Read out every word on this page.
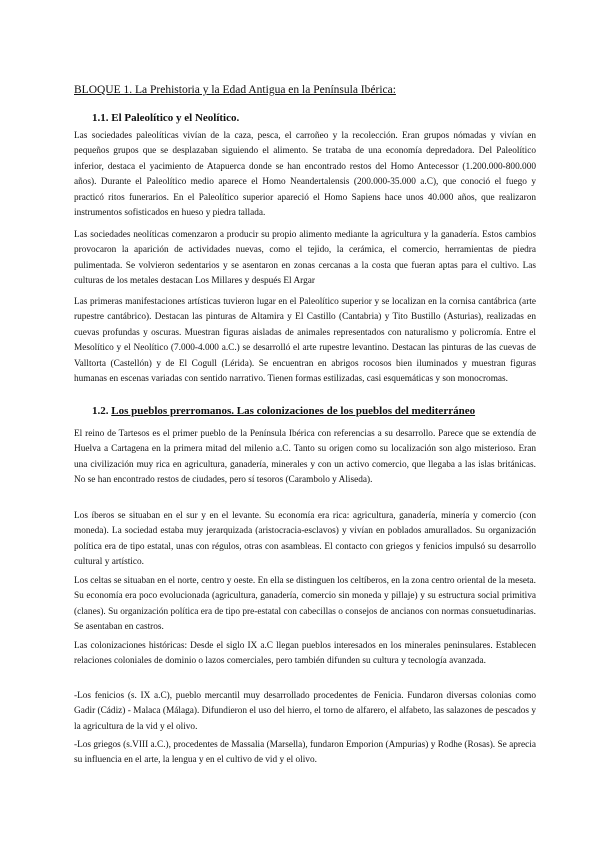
BLOQUE 1. La Prehistoria y la Edad Antigua en la Península Ibérica:
1.1. El Paleolítico y el Neolítico.

Las sociedades paleolíticas vivían de la caza, pesca, el carroñeo y la recolección. Eran grupos nómadas y vivían en pequeños grupos que se desplazaban siguiendo el alimento. Se trataba de una economía depredadora. Del Paleolítico inferior, destaca el yacimiento de Atapuerca donde se han encontrado restos del Homo Antecessor (1.200.000-800.000 años). Durante el Paleolítico medio aparece el Homo Neandertalensis (200.000-35.000 a.C), que conoció el fuego y practicó ritos funerarios. En el Paleolítico superior apareció el Homo Sapiens hace unos 40.000 años, que realizaron instrumentos sofisticados en hueso y piedra tallada.

Las sociedades neolíticas comenzaron a producir su propio alimento mediante la agricultura y la ganadería. Estos cambios provocaron la aparición de actividades nuevas, como el tejido, la cerámica, el comercio, herramientas de piedra pulimentada. Se volvieron sedentarios y se asentaron en zonas cercanas a la costa que fueran aptas para el cultivo. Las culturas de los metales destacan Los Millares y después El Argar

Las primeras manifestaciones artísticas tuvieron lugar en el Paleolítico superior y se localizan en la cornisa cantábrica (arte rupestre cantábrico). Destacan las pinturas de Altamira y El Castillo (Cantabria) y Tito Bustillo (Asturias), realizadas en cuevas profundas y oscuras. Muestran figuras aisladas de animales representados con naturalismo y policromía. Entre el Mesolítico y el Neolítico (7.000-4.000 a.C.) se desarrolló el arte rupestre levantino. Destacan las pinturas de las cuevas de Valltorta (Castellón) y de El Cogull (Lérida). Se encuentran en abrigos rocosos bien iluminados y muestran figuras humanas en escenas variadas con sentido narrativo. Tienen formas estilizadas, casi esquemáticas y son monocromas.

1.2. Los pueblos prerromanos. Las colonizaciones de los pueblos del mediterráneo

El reino de Tartesos es el primer pueblo de la Península Ibérica con referencias a su desarrollo. Parece que se extendía de Huelva a Cartagena en la primera mitad del milenio a.C. Tanto su origen como su localización son algo misterioso. Eran una civilización muy rica en agricultura, ganadería, minerales y con un activo comercio, que llegaba a las islas británicas. No se han encontrado restos de ciudades, pero sí tesoros (Carambolo y Aliseda).

Los íberos se situaban en el sur y en el levante. Su economía era rica: agricultura, ganadería, minería y comercio (con moneda). La sociedad estaba muy jerarquizada (aristocracia-esclavos) y vivían en poblados amurallados. Su organización política era de tipo estatal, unas con régulos, otras con asambleas. El contacto con griegos y fenicios impulsó su desarrollo cultural y artístico.

Los celtas se situaban en el norte, centro y oeste. En ella se distinguen los celtíberos, en la zona centro oriental de la meseta. Su economía era poco evolucionada (agricultura, ganadería, comercio sin moneda y pillaje) y su estructura social primitiva (clanes). Su organización política era de tipo pre-estatal con cabecillas o consejos de ancianos con normas consuetudinarias. Se asentaban en castros.

Las colonizaciones históricas: Desde el siglo IX a.C llegan pueblos interesados en los minerales peninsulares. Establecen relaciones coloniales de dominio o lazos comerciales, pero también difunden su cultura y tecnología avanzada.

-Los fenicios (s. IX a.C), pueblo mercantil muy desarrollado procedentes de Fenicia. Fundaron diversas colonias como Gadir (Cádiz) - Malaca (Málaga). Difundieron el uso del hierro, el torno de alfarero, el alfabeto, las salazones de pescados y la agricultura de la vid y el olivo.

-Los griegos (s.VIII a.C.), procedentes de Massalia (Marsella), fundaron Emporion (Ampurias) y Rodhe (Rosas). Se aprecia su influencia en el arte, la lengua y en el cultivo de vid y el olivo.
